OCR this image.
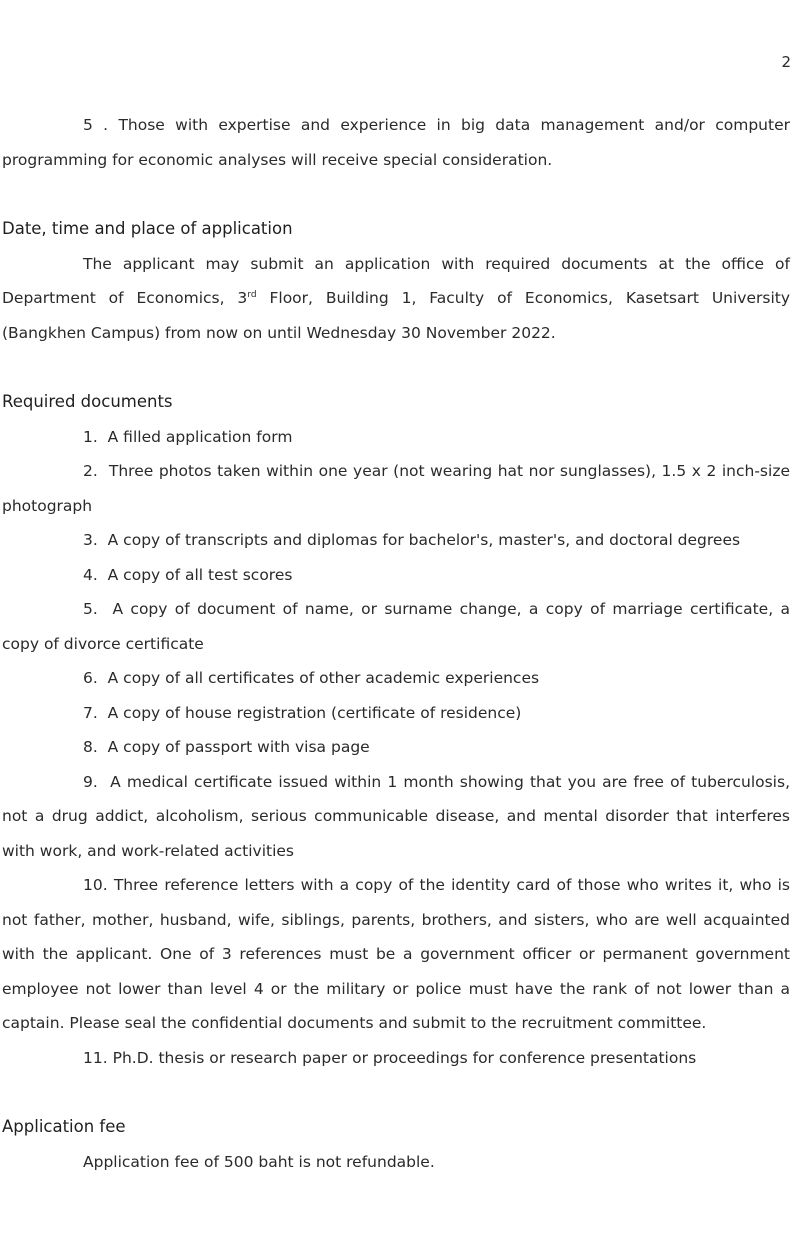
2

5 . Those with expertise and experience in big data management and/or computer programming for economic analyses will receive special consideration.

Date, time and place of application

The applicant may submit an application with required documents at the office of Department of Economics, 3rd Floor, Building 1, Faculty of Economics, Kasetsart University (Bangkhen Campus) from now on until Wednesday 30 November 2022.

Required documents
1. A filled application form
2. Three photos taken within one year (not wearing hat nor sunglasses), 1.5 x 2 inch-size photograph
3. A copy of transcripts and diplomas for bachelor's, master's, and doctoral degrees
4. A copy of all test scores
5. A copy of document of name, or surname change, a copy of marriage certificate, a copy of divorce certificate
6. A copy of all certificates of other academic experiences
7. A copy of house registration (certificate of residence)
8. A copy of passport with visa page
9. A medical certificate issued within 1 month showing that you are free of tuberculosis, not a drug addict, alcoholism, serious communicable disease, and mental disorder that interferes with work, and work-related activities
10. Three reference letters with a copy of the identity card of those who writes it, who is not father, mother, husband, wife, siblings, parents, brothers, and sisters, who are well acquainted with the applicant. One of 3 references must be a government officer or permanent government employee not lower than level 4 or the military or police must have the rank of not lower than a captain. Please seal the confidential documents and submit to the recruitment committee.
11. Ph.D. thesis or research paper or proceedings for conference presentations
Application fee

Application fee of 500 baht is not refundable.
